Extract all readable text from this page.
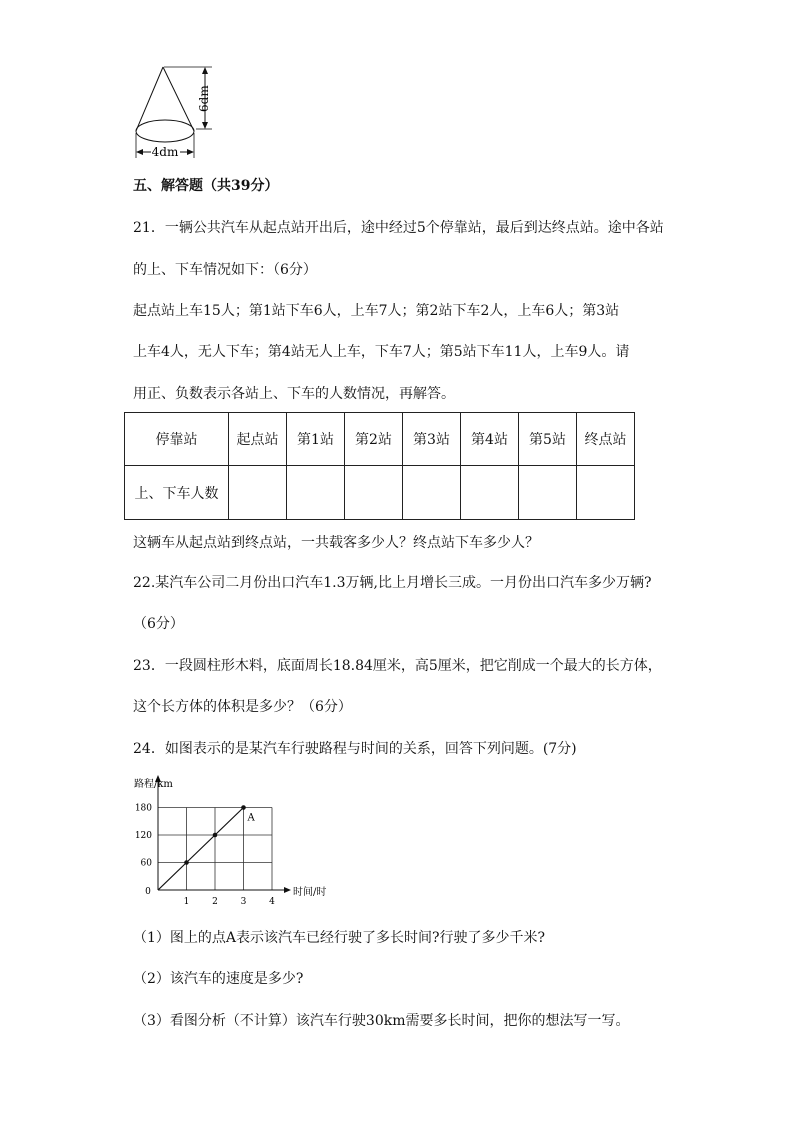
6dm
4dm
五、解答题（共39分）
21．一辆公共汽车从起点站开出后，途中经过5个停靠站，最后到达终点站。途中各站
的上、下车情况如下：（6分）
起点站上车15人；第1站下车6人，上车7人；第2站下车2人，上车6人；第3站
上车4人，无人下车；第4站无人上车，下车7人；第5站下车11人，上车9人。请
用正、负数表示各站上、下车的人数情况，再解答。
停靠站	起点站	第1站	第2站	第3站	第4站	第5站	终点站
上、下车人数							
这辆车从起点站到终点站，一共载客多少人？终点站下车多少人？
22.某汽车公司二月份出口汽车1.3万辆,比上月增长三成。一月份出口汽车多少万辆?
（6分）
23．一段圆柱形木料，底面周长18.84厘米，高5厘米，把它削成一个最大的长方体，
这个长方体的体积是多少？（6分）
24．如图表示的是某汽车行驶路程与时间的关系，回答下列问题。(7分)
0
1	2	3	4
60
120
180
路程/km
时间/时
A
（1）图上的点A表示该汽车已经行驶了多长时间?行驶了多少千米?
（2）该汽车的速度是多少?
（3）看图分析（不计算）该汽车行驶30km需要多长时间，把你的想法写一写。
